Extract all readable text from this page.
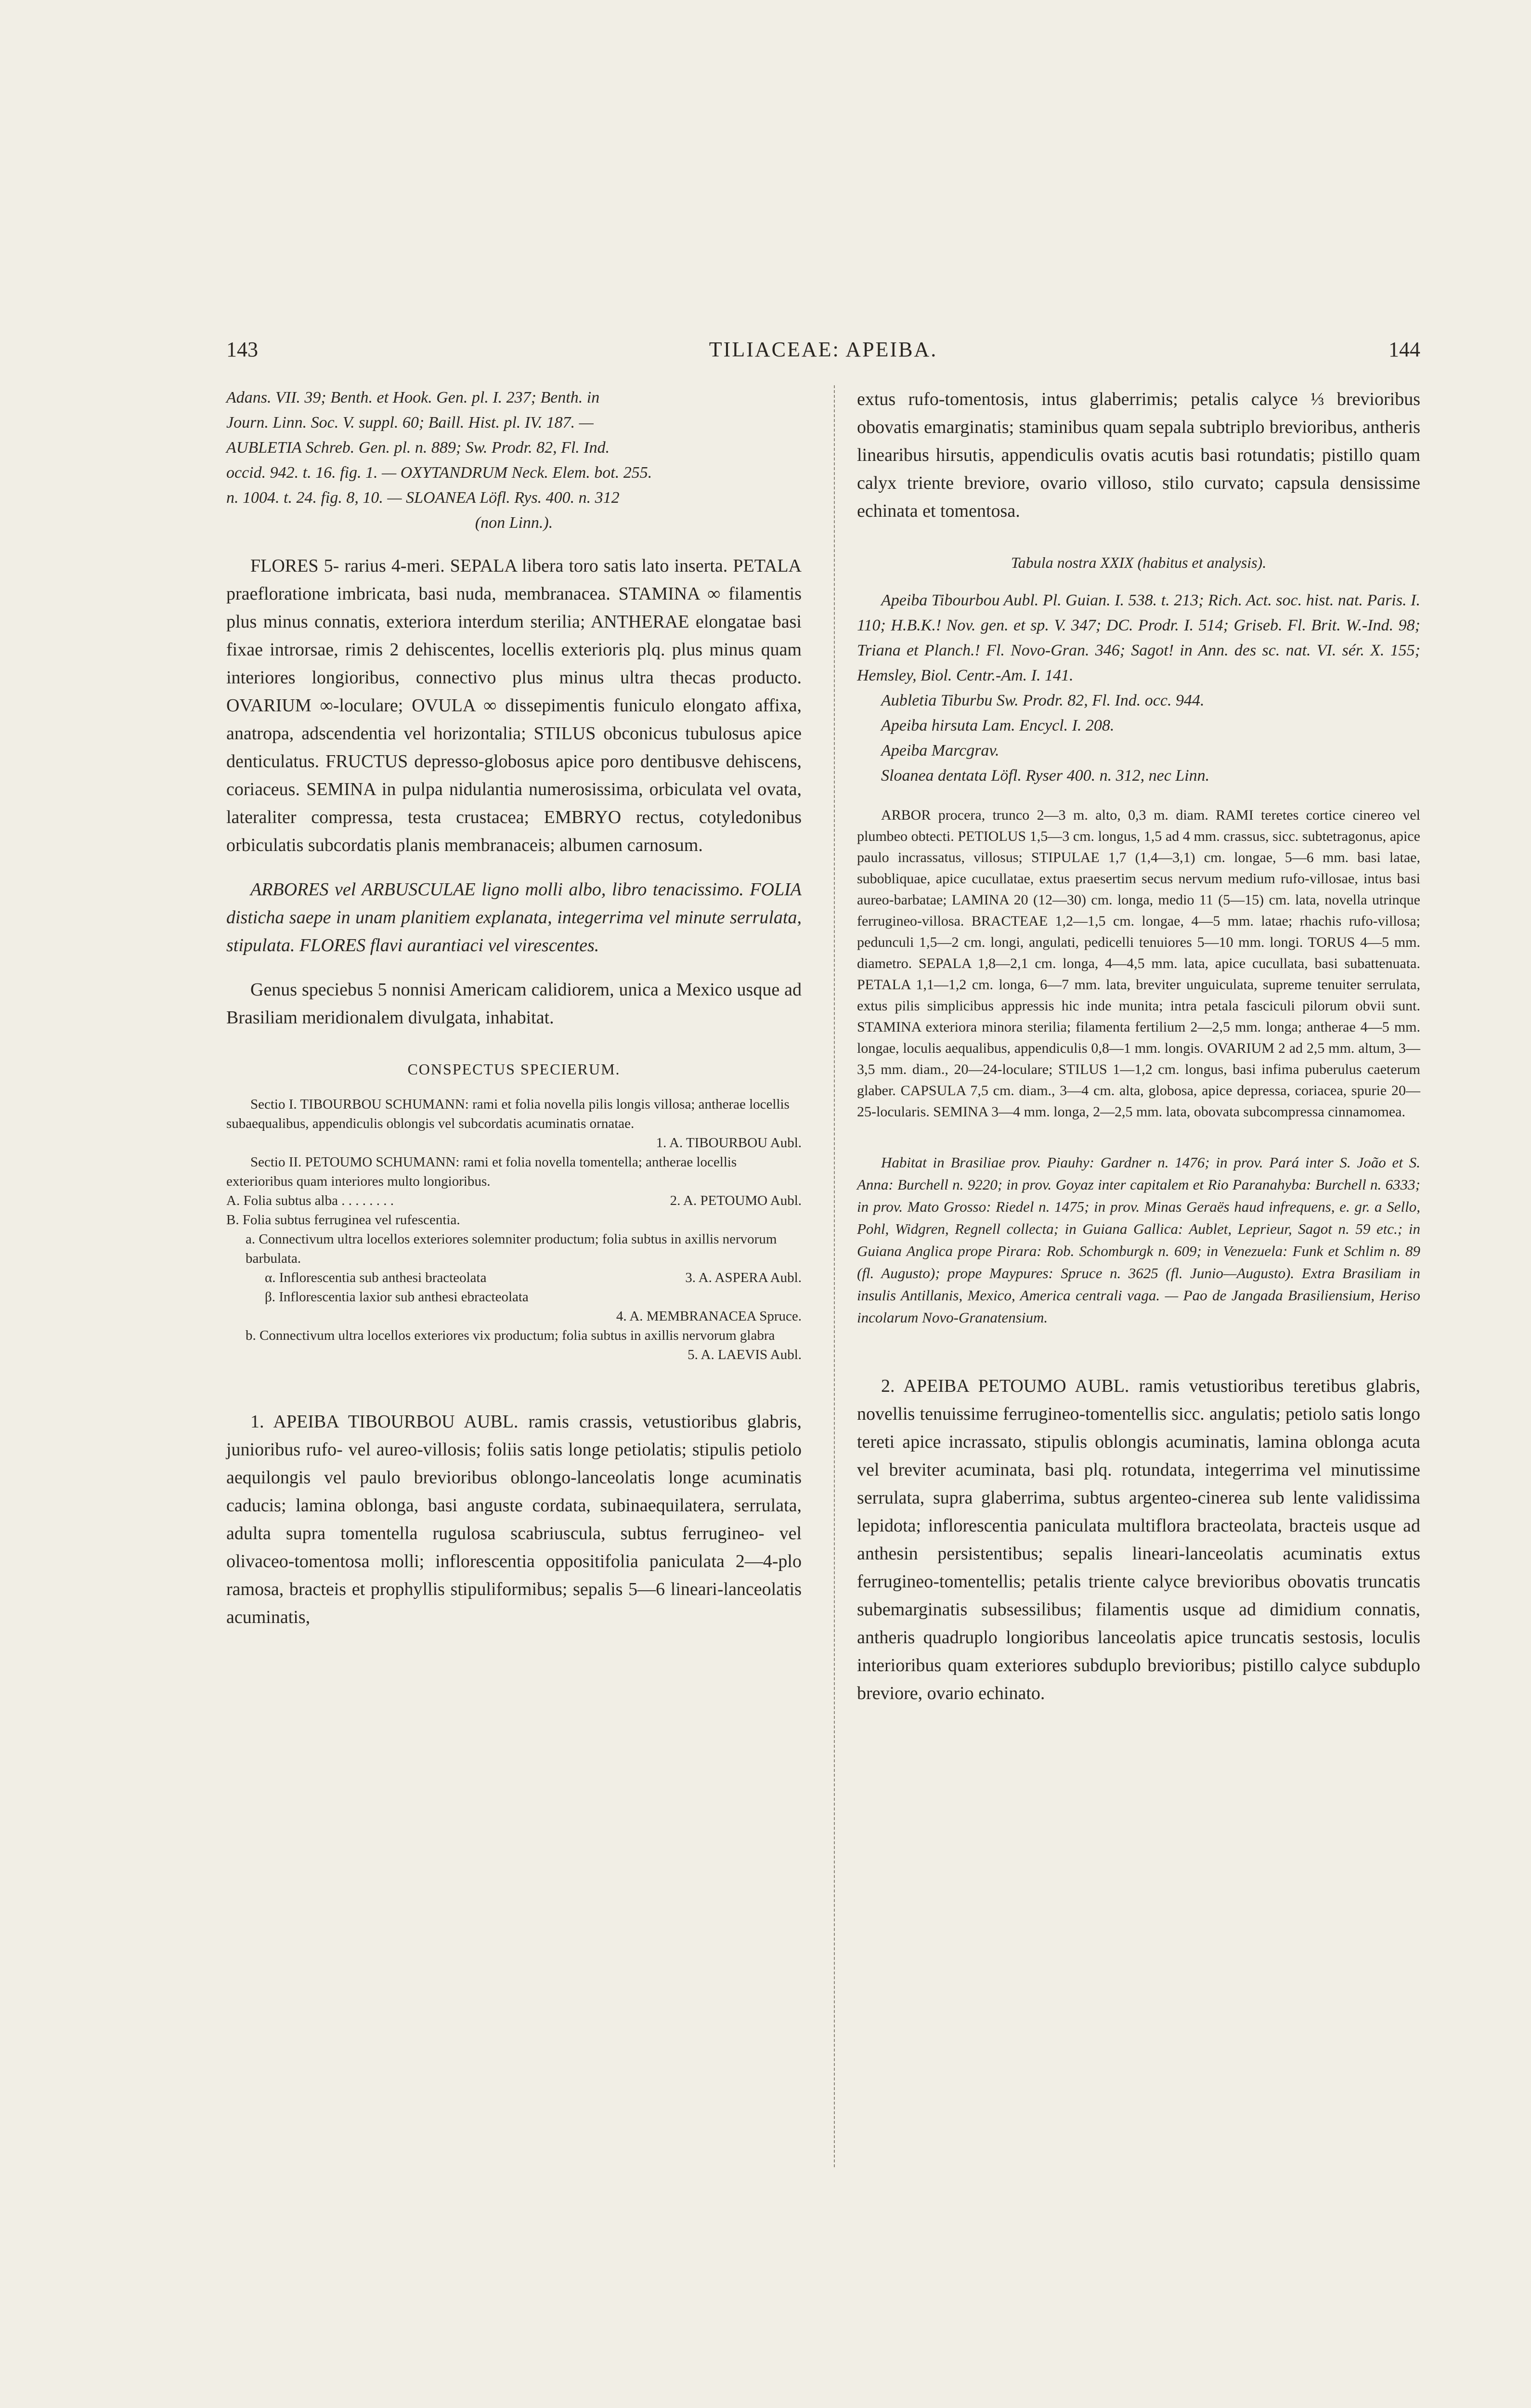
143	TILIACEAE: APEIBA.	144

Adans. VII. 39; Benth. et Hook. Gen. pl. I. 237; Benth. in

Journ. Linn. Soc. V. suppl. 60; Baill. Hist. pl. IV. 187. —

AUBLETIA Schreb. Gen. pl. n. 889; Sw. Prodr. 82, Fl. Ind.

occid. 942. t. 16. fig. 1. — OXYTANDRUM Neck. Elem. bot. 255.

n. 1004. t. 24. fig. 8, 10. — SLOANEA Löfl. Rys. 400. n. 312

(non Linn.).

FLORES 5- rarius 4-meri. SEPALA libera toro satis lato inserta. PETALA praefloratione imbricata, basi nuda, membranacea. STAMINA ∞ filamentis plus minus connatis, exteriora interdum sterilia; ANTHERAE elongatae basi fixae introrsae, rimis 2 dehiscentes, locellis exterioris plq. plus minus quam interiores longioribus, connectivo plus minus ultra thecas producto. OVARIUM ∞-loculare; OVULA ∞ dissepimentis funiculo elongato affixa, anatropa, adscendentia vel horizontalia; STILUS obconicus tubulosus apice denticulatus. FRUCTUS depresso-globosus apice poro dentibusve dehiscens, coriaceus. SEMINA in pulpa nidulantia numerosissima, orbiculata vel ovata, lateraliter compressa, testa crustacea; EMBRYO rectus, cotyledonibus orbiculatis subcordatis planis membranaceis; albumen carnosum.

ARBORES vel ARBUSCULAE ligno molli albo, libro tenacissimo. FOLIA disticha saepe in unam planitiem explanata, integerrima vel minute serrulata, stipulata. FLORES flavi aurantiaci vel virescentes.

Genus speciebus 5 nonnisi Americam calidiorem, unica a Mexico usque ad Brasiliam meridionalem divulgata, inhabitat.

CONSPECTUS SPECIERUM.

Sectio I. TIBOURBOU SCHUMANN: rami et folia novella pilis longis villosa; antherae locellis subaequalibus, appendiculis oblongis vel subcordatis acuminatis ornatae.

1. A. TIBOURBOU Aubl.

Sectio II. PETOUMO SCHUMANN: rami et folia novella tomentella; antherae locellis exterioribus quam interiores multo longioribus.

A. Folia subtus alba . . . . . . . .	2. A. PETOUMO Aubl.

B. Folia subtus ferruginea vel rufescentia.

a. Connectivum ultra locellos exteriores solemniter productum; folia subtus in axillis nervorum barbulata.

α. Inflorescentia sub anthesi bracteolata	3. A. ASPERA Aubl.

β. Inflorescentia laxior sub anthesi ebracteolata

4. A. MEMBRANACEA Spruce.

b. Connectivum ultra locellos exteriores vix productum; folia subtus in axillis nervorum glabra

5. A. LAEVIS Aubl.

1. APEIBA TIBOURBOU AUBL. ramis crassis, vetustioribus glabris, junioribus rufo- vel aureo-villosis; foliis satis longe petiolatis; stipulis petiolo aequilongis vel paulo brevioribus oblongo-lanceolatis longe acuminatis caducis; lamina oblonga, basi anguste cordata, subinaequilatera, serrulata, adulta supra tomentella rugulosa scabriuscula, subtus ferrugineo- vel olivaceo-tomentosa molli; inflorescentia oppositifolia paniculata 2—4-plo ramosa, bracteis et prophyllis stipuliformibus; sepalis 5—6 lineari-lanceolatis acuminatis,

extus rufo-tomentosis, intus glaberrimis; petalis calyce ⅓ brevioribus obovatis emarginatis; staminibus quam sepala subtriplo brevioribus, antheris linearibus hirsutis, appendiculis ovatis acutis basi rotundatis; pistillo quam calyx triente breviore, ovario villoso, stilo curvato; capsula densissime echinata et tomentosa.

Tabula nostra XXIX (habitus et analysis).

Apeiba Tibourbou Aubl. Pl. Guian. I. 538. t. 213; Rich. Act. soc. hist. nat. Paris. I. 110; H.B.K.! Nov. gen. et sp. V. 347; DC. Prodr. I. 514; Griseb. Fl. Brit. W.-Ind. 98; Triana et Planch.! Fl. Novo-Gran. 346; Sagot! in Ann. des sc. nat. VI. sér. X. 155; Hemsley, Biol. Centr.-Am. I. 141.

Aubletia Tiburbu Sw. Prodr. 82, Fl. Ind. occ. 944.

Apeiba hirsuta Lam. Encycl. I. 208.

Apeiba Marcgrav.

Sloanea dentata Löfl. Ryser 400. n. 312, nec Linn.

ARBOR procera, trunco 2—3 m. alto, 0,3 m. diam. RAMI teretes cortice cinereo vel plumbeo obtecti. PETIOLUS 1,5—3 cm. longus, 1,5 ad 4 mm. crassus, sicc. subtetragonus, apice paulo incrassatus, villosus; STIPULAE 1,7 (1,4—3,1) cm. longae, 5—6 mm. basi latae, subobliquae, apice cucullatae, extus praesertim secus nervum medium rufo-villosae, intus basi aureo-barbatae; LAMINA 20 (12—30) cm. longa, medio 11 (5—15) cm. lata, novella utrinque ferrugineo-villosa. BRACTEAE 1,2—1,5 cm. longae, 4—5 mm. latae; rhachis rufo-villosa; pedunculi 1,5—2 cm. longi, angulati, pedicelli tenuiores 5—10 mm. longi. TORUS 4—5 mm. diametro. SEPALA 1,8—2,1 cm. longa, 4—4,5 mm. lata, apice cucullata, basi subattenuata. PETALA 1,1—1,2 cm. longa, 6—7 mm. lata, breviter unguiculata, supreme tenuiter serrulata, extus pilis simplicibus appressis hic inde munita; intra petala fasciculi pilorum obvii sunt. STAMINA exteriora minora sterilia; filamenta fertilium 2—2,5 mm. longa; antherae 4—5 mm. longae, loculis aequalibus, appendiculis 0,8—1 mm. longis. OVARIUM 2 ad 2,5 mm. altum, 3—3,5 mm. diam., 20—24-loculare; STILUS 1—1,2 cm. longus, basi infima puberulus caeterum glaber. CAPSULA 7,5 cm. diam., 3—4 cm. alta, globosa, apice depressa, coriacea, spurie 20—25-locularis. SEMINA 3—4 mm. longa, 2—2,5 mm. lata, obovata subcompressa cinnamomea.

Habitat in Brasiliae prov. Piauhy: Gardner n. 1476; in prov. Pará inter S. João et S. Anna: Burchell n. 9220; in prov. Goyaz inter capitalem et Rio Paranahyba: Burchell n. 6333; in prov. Mato Grosso: Riedel n. 1475; in prov. Minas Geraës haud infrequens, e. gr. a Sello, Pohl, Widgren, Regnell collecta; in Guiana Gallica: Aublet, Leprieur, Sagot n. 59 etc.; in Guiana Anglica prope Pirara: Rob. Schomburgk n. 609; in Venezuela: Funk et Schlim n. 89 (fl. Augusto); prope Maypures: Spruce n. 3625 (fl. Junio—Augusto). Extra Brasiliam in insulis Antillanis, Mexico, America centrali vaga. — Pao de Jangada Brasiliensium, Heriso incolarum Novo-Granatensium.

2. APEIBA PETOUMO AUBL. ramis vetustioribus teretibus glabris, novellis tenuissime ferrugineo-tomentellis sicc. angulatis; petiolo satis longo tereti apice incrassato, stipulis oblongis acuminatis, lamina oblonga acuta vel breviter acuminata, basi plq. rotundata, integerrima vel minutissime serrulata, supra glaberrima, subtus argenteo-cinerea sub lente validissima lepidota; inflorescentia paniculata multiflora bracteolata, bracteis usque ad anthesin persistentibus; sepalis lineari-lanceolatis acuminatis extus ferrugineo-tomentellis; petalis triente calyce brevioribus obovatis truncatis subemarginatis subsessilibus; filamentis usque ad dimidium connatis, antheris quadruplo longioribus lanceolatis apice truncatis sestosis, loculis interioribus quam exteriores subduplo brevioribus; pistillo calyce subduplo breviore, ovario echinato.
